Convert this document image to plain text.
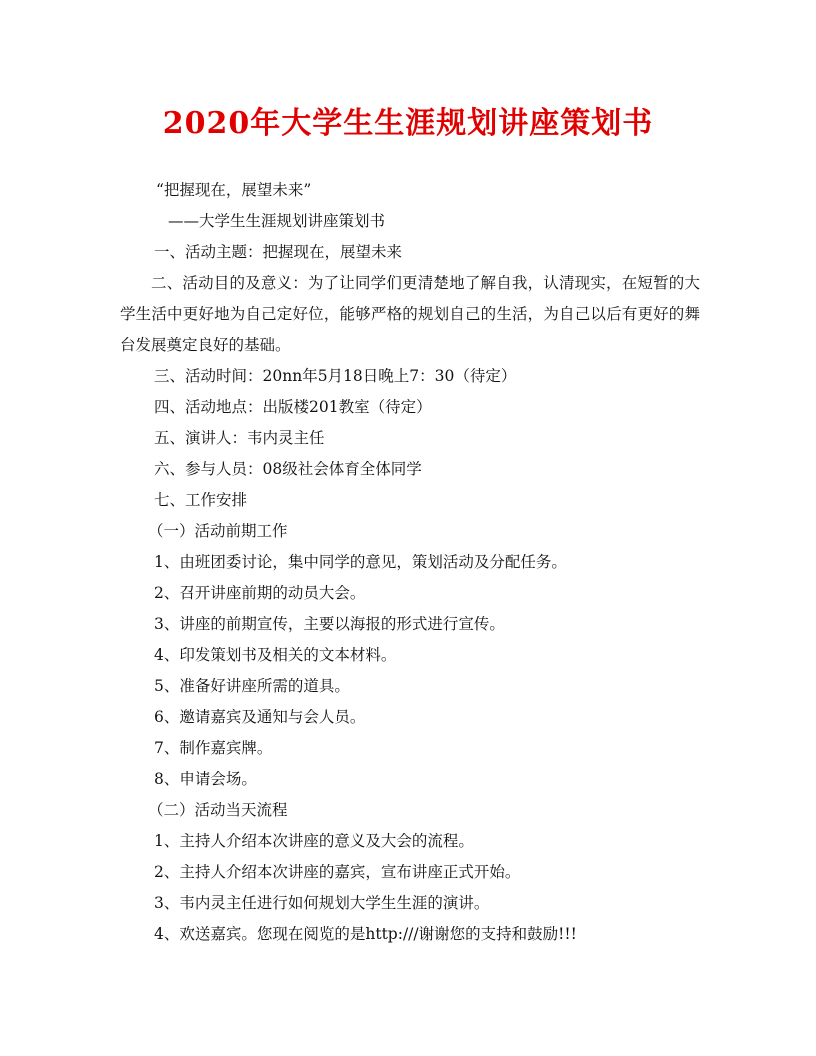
2020年大学生生涯规划讲座策划书

“把握现在，展望未来”

——大学生生涯规划讲座策划书

一、活动主题：把握现在，展望未来

二、活动目的及意义：为了让同学们更清楚地了解自我，认清现实，在短暂的大学生活中更好地为自己定好位，能够严格的规划自己的生活，为自己以后有更好的舞台发展奠定良好的基础。

三、活动时间：20nn年5月18日晚上7：30（待定）

四、活动地点：出版楼201教室（待定）

五、演讲人：韦内灵主任

六、参与人员：08级社会体育全体同学

七、工作安排

（一）活动前期工作

1、由班团委讨论，集中同学的意见，策划活动及分配任务。

2、召开讲座前期的动员大会。

3、讲座的前期宣传，主要以海报的形式进行宣传。

4、印发策划书及相关的文本材料。

5、准备好讲座所需的道具。

6、邀请嘉宾及通知与会人员。

7、制作嘉宾牌。

8、申请会场。

（二）活动当天流程

1、主持人介绍本次讲座的意义及大会的流程。

2、主持人介绍本次讲座的嘉宾，宣布讲座正式开始。

3、韦内灵主任进行如何规划大学生生涯的演讲。

4、欢送嘉宾。您现在阅览的是http:///谢谢您的支持和鼓励!!!
